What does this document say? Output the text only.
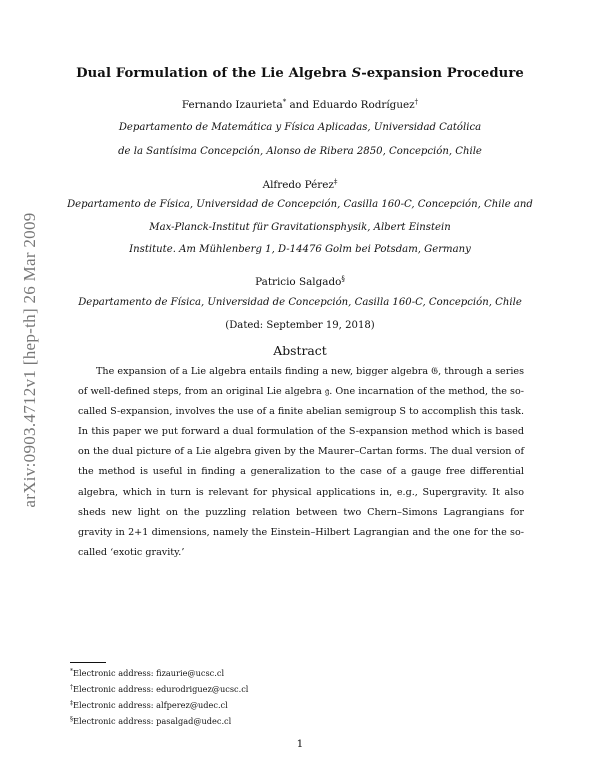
arXiv:0903.4712v1 [hep-th] 26 Mar 2009
Dual Formulation of the Lie Algebra S-expansion Procedure
Fernando Izaurieta* and Eduardo Rodríguez†
Departamento de Matemática y Física Aplicadas, Universidad Católica
de la Santísima Concepción, Alonso de Ribera 2850, Concepción, Chile
Alfredo Pérez‡
Departamento de Física, Universidad de Concepción, Casilla 160-C, Concepción, Chile and
Max-Planck-Institut für Gravitationsphysik, Albert Einstein
Institute. Am Mühlenberg 1, D-14476 Golm bei Potsdam, Germany
Patricio Salgado§
Departamento de Física, Universidad de Concepción, Casilla 160-C, Concepción, Chile
(Dated: September 19, 2018)
Abstract

The expansion of a Lie algebra entails finding a new, bigger algebra 𝔊, through a series of well-defined steps, from an original Lie algebra 𝔤. One incarnation of the method, the so-called S-expansion, involves the use of a finite abelian semigroup S to accomplish this task. In this paper we put forward a dual formulation of the S-expansion method which is based on the dual picture of a Lie algebra given by the Maurer–Cartan forms. The dual version of the method is useful in finding a generalization to the case of a gauge free differential algebra, which in turn is relevant for physical applications in, e.g., Supergravity. It also sheds new light on the puzzling relation between two Chern–Simons Lagrangians for gravity in 2+1 dimensions, namely the Einstein–Hilbert Lagrangian and the one for the so-called ‘exotic gravity.’

*Electronic address: fizaurie@ucsc.cl
†Electronic address: edurodriguez@ucsc.cl
‡Electronic address: alfperez@udec.cl
§Electronic address: pasalgad@udec.cl
1
